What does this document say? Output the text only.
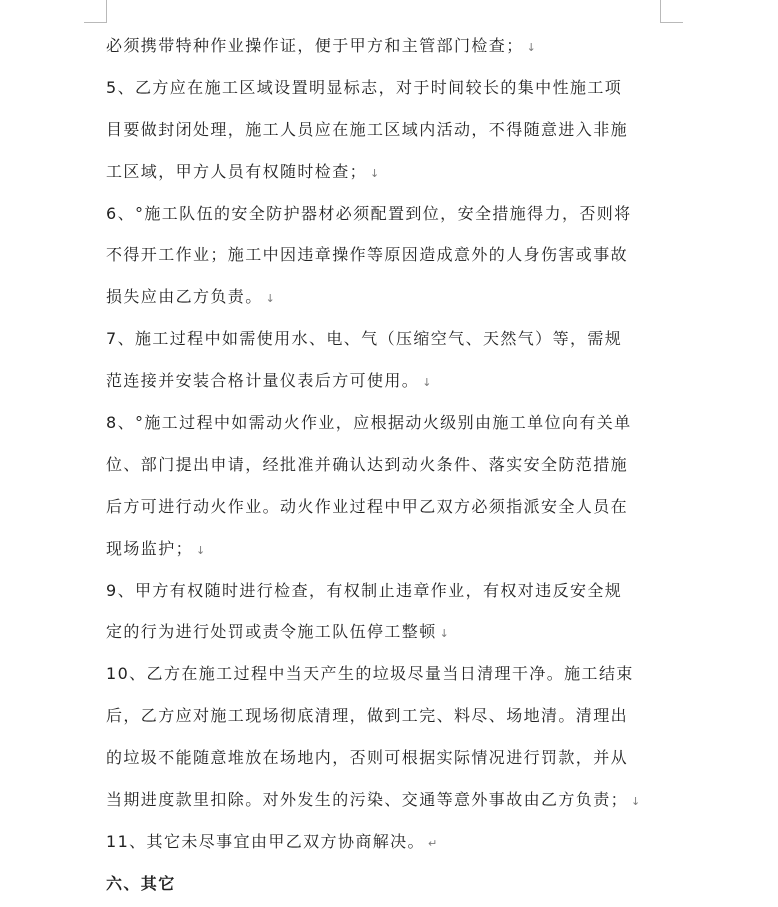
必须携带特种作业操作证，便于甲方和主管部门检查； ↓
5、乙方应在施工区域设置明显标志，对于时间较长的集中性施工项
目要做封闭处理，施工人员应在施工区域内活动，不得随意进入非施
工区域，甲方人员有权随时检查； ↓
6、°施工队伍的安全防护器材必须配置到位，安全措施得力，否则将
不得开工作业；施工中因违章操作等原因造成意外的人身伤害或事故
损失应由乙方负责。 ↓
7、施工过程中如需使用水、电、气（压缩空气、天然气）等，需规
范连接并安装合格计量仪表后方可使用。 ↓
8、°施工过程中如需动火作业，应根据动火级别由施工单位向有关单
位、部门提出申请，经批准并确认达到动火条件、落实安全防范措施
后方可进行动火作业。动火作业过程中甲乙双方必须指派安全人员在
现场监护； ↓
9、甲方有权随时进行检查，有权制止违章作业，有权对违反安全规
定的行为进行处罚或责令施工队伍停工整顿 ↓
10、乙方在施工过程中当天产生的垃圾尽量当日清理干净。施工结束
后，乙方应对施工现场彻底清理，做到工完、料尽、场地清。清理出
的垃圾不能随意堆放在场地内，否则可根据实际情况进行罚款，并从
当期进度款里扣除。对外发生的污染、交通等意外事故由乙方负责； ↓
11、其它未尽事宜由甲乙双方协商解决。 ↵
六、其它
